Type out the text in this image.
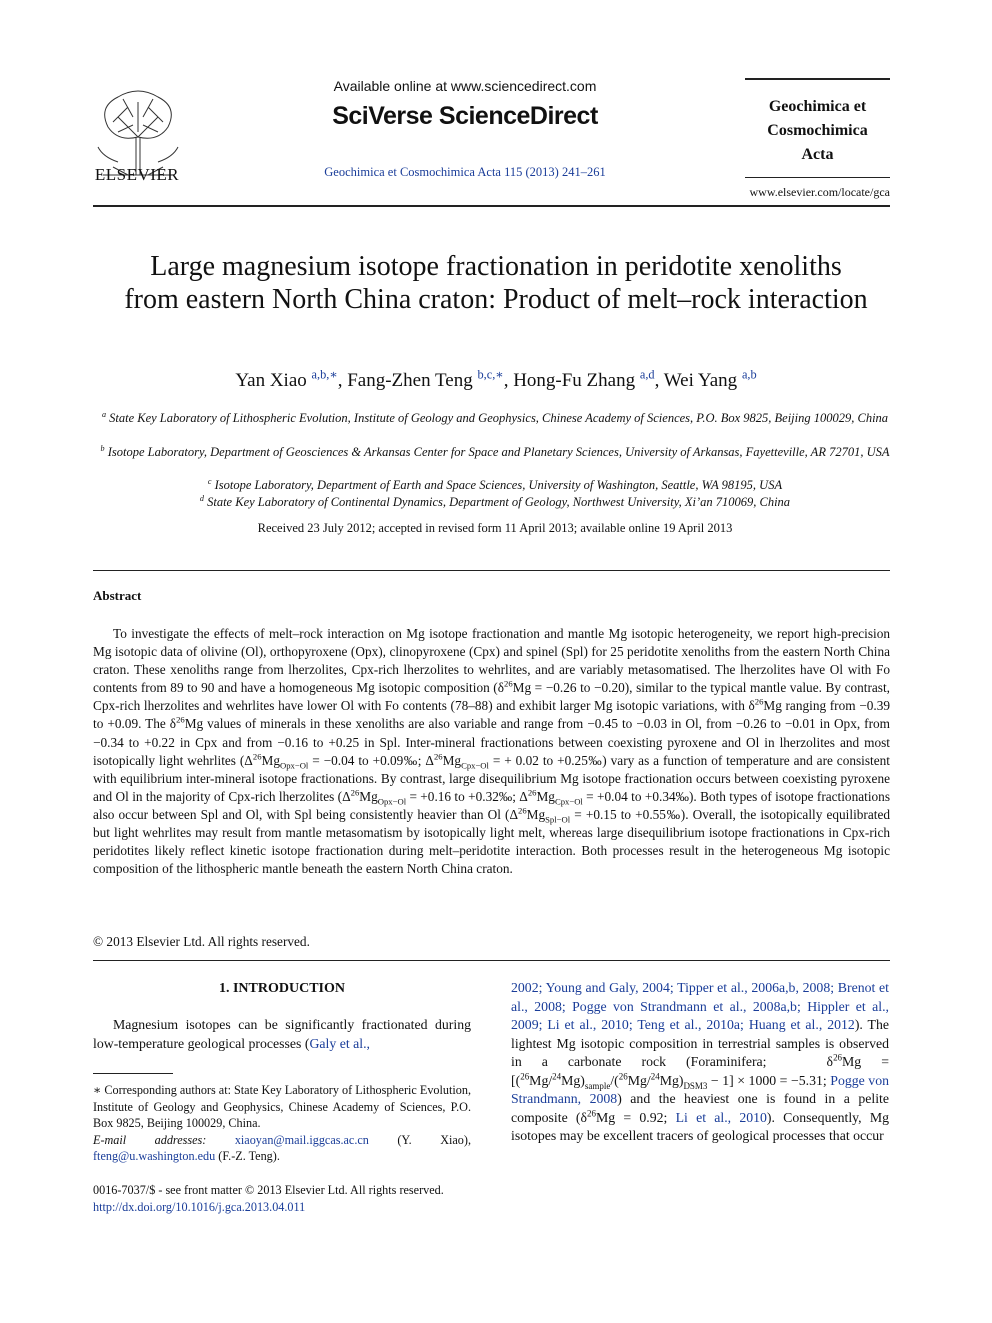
ELSEVIER
Available online at www.sciencedirect.com
SciVerse ScienceDirect
Geochimica et Cosmochimica Acta 115 (2013) 241–261
Geochimica et
Cosmochimica
Acta
www.elsevier.com/locate/gca
Large magnesium isotope fractionation in peridotite xenoliths from eastern North China craton: Product of melt–rock interaction
Yan Xiao $^{a,b,∗}$, Fang-Zhen Teng $^{b,c,∗}$, Hong-Fu Zhang $^{a,d}$, Wei Yang $^{a,b}$
$^a$ State Key Laboratory of Lithospheric Evolution, Institute of Geology and Geophysics, Chinese Academy of Sciences, P.O. Box 9825, Beijing 100029, China
$^b$ Isotope Laboratory, Department of Geosciences & Arkansas Center for Space and Planetary Sciences, University of Arkansas, Fayetteville, AR 72701, USA
$^c$ Isotope Laboratory, Department of Earth and Space Sciences, University of Washington, Seattle, WA 98195, USA
$^d$ State Key Laboratory of Continental Dynamics, Department of Geology, Northwest University, Xi’an 710069, China
Received 23 July 2012; accepted in revised form 11 April 2013; available online 19 April 2013
Abstract

To investigate the effects of melt–rock interaction on Mg isotope fractionation and mantle Mg isotopic heterogeneity, we report high-precision Mg isotopic data of olivine (Ol), orthopyroxene (Opx), clinopyroxene (Cpx) and spinel (Spl) for 25 peridotite xenoliths from the eastern North China craton. These xenoliths range from lherzolites, Cpx-rich lherzolites to wehrlites, and are variably metasomatised. The lherzolites have Ol with Fo contents from 89 to 90 and have a homogeneous Mg isotopic composition ($\delta^{26}Mg = -0.26$ to −0.20), similar to the typical mantle value. By contrast, Cpx-rich lherzolites and wehrlites have lower Ol with Fo contents (78–88) and exhibit larger Mg isotopic variations, with $\delta^{26}Mg$ ranging from −0.39 to +0.09. The $\delta^{26}Mg$ values of minerals in these xenoliths are also variable and range from −0.45 to −0.03 in Ol, from −0.26 to −0.01 in Opx, from −0.34 to +0.22 in Cpx and from −0.16 to +0.25 in Spl. Inter-mineral fractionations between coexisting pyroxene and Ol in lherzolites and most isotopically light wehrlites ($\Delta^{26}Mg_{Opx-Ol} = -0.04$ to +0.09‰; $\Delta^{26}Mg_{Cpx-Ol}$ = + 0.02 to +0.25‰) vary as a function of temperature and are consistent with equilibrium inter-mineral isotope fractionations. By contrast, large disequilibrium Mg isotope fractionation occurs between coexisting pyroxene and Ol in the majority of Cpx-rich lherzolites ($\Delta^{26}Mg_{Opx-Ol} = +0.16$ to +0.32‰; $\Delta^{26}Mg_{Cpx-Ol} = +0.04$ to +0.34‰). Both types of isotope fractionations also occur between Spl and Ol, with Spl being consistently heavier than Ol ($\Delta^{26}Mg_{Spl-Ol} = +0.15$ to +0.55‰). Overall, the isotopically equilibrated but light wehrlites may result from mantle metasomatism by isotopically light melt, whereas large disequilibrium isotope fractionations in Cpx-rich peridotites likely reflect kinetic isotope fractionation during melt–peridotite interaction. Both processes result in the heterogeneous Mg isotopic composition of the lithospheric mantle beneath the eastern North China craton.

© 2013 Elsevier Ltd. All rights reserved.
1. INTRODUCTION

Magnesium isotopes can be significantly fractionated during low-temperature geological processes (Galy et al.,

∗ Corresponding authors at: State Key Laboratory of Lithospheric Evolution, Institute of Geology and Geophysics, Chinese Academy of Sciences, P.O. Box 9825, Beijing 100029, China.
E-mail addresses: xiaoyan@mail.iggcas.ac.cn (Y. Xiao), fteng@u.washington.edu (F.-Z. Teng).

0016-7037/$ - see front matter © 2013 Elsevier Ltd. All rights reserved.
http://dx.doi.org/10.1016/j.gca.2013.04.011

2002; Young and Galy, 2004; Tipper et al., 2006a,b, 2008; Brenot et al., 2008; Pogge von Strandmann et al., 2008a,b; Hippler et al., 2009; Li et al., 2010; Teng et al., 2010a; Huang et al., 2012). The lightest Mg isotopic composition in terrestrial samples is observed in a carbonate rock (Foraminifera;   $\delta^{26}Mg = [(^{26}Mg/^{24}Mg)_{sample}/(^{26}Mg/^{24}Mg)_{DSM3} - 1] \times 1000 = -5.31$; Pogge von Strandmann, 2008) and the heaviest one is found in a pelite composite ($\delta^{26}Mg = 0.92$; Li et al., 2010). Consequently, Mg isotopes may be excellent tracers of geological processes that occur
